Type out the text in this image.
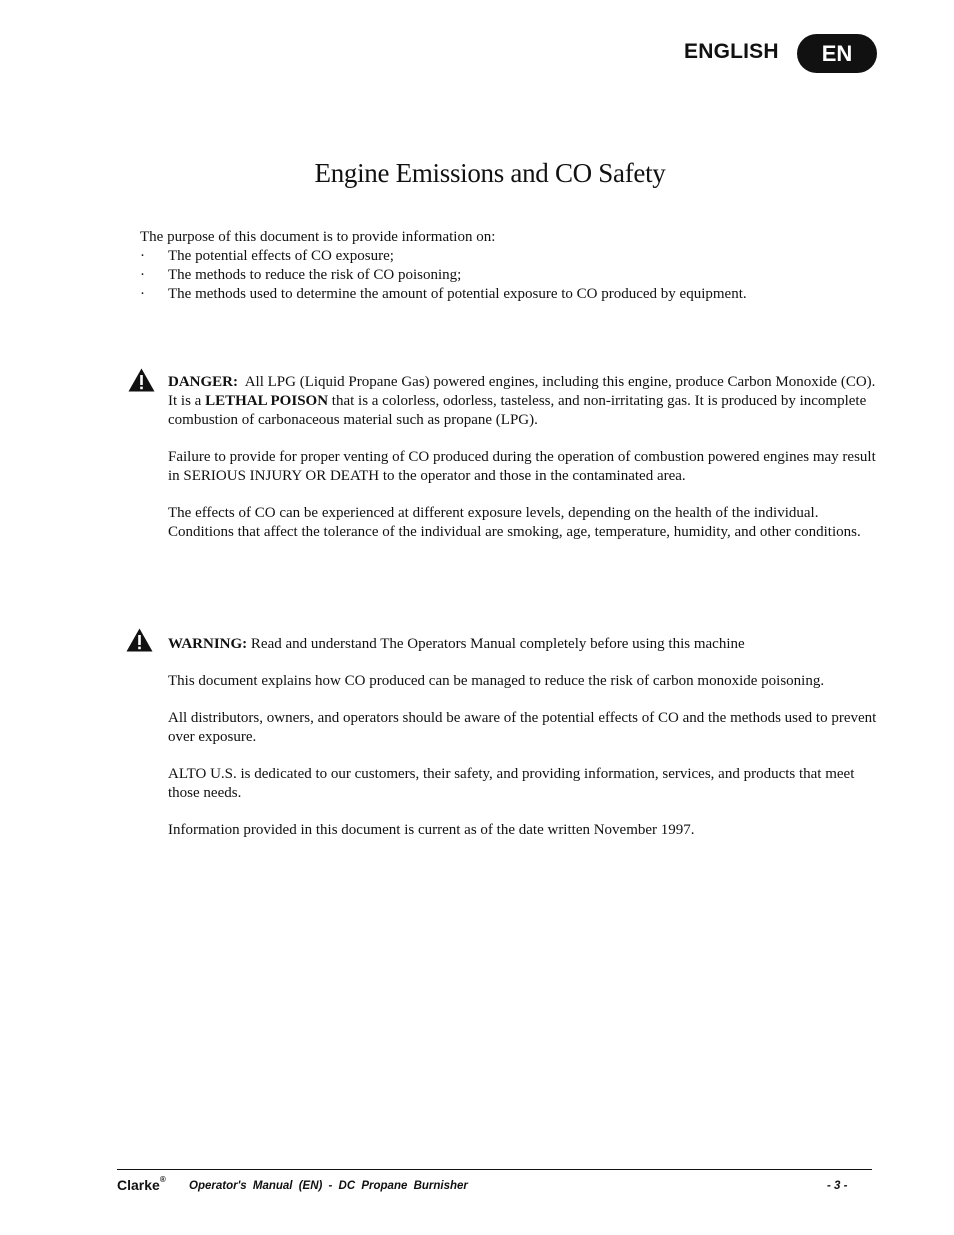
ENGLISH	EN
Engine Emissions and CO Safety
The purpose of this document is to provide information on:
·	The potential effects of CO exposure;
·	The methods to reduce the risk of CO poisoning;
·	The methods used to determine the amount of potential exposure to CO produced by equipment.

DANGER: All LPG (Liquid Propane Gas) powered engines, including this engine, produce Carbon Monoxide (CO). It is a LETHAL POISON that is a colorless, odorless, tasteless, and non-irritating gas. It is produced by incomplete combustion of carbonaceous material such as propane (LPG).

Failure to provide for proper venting of CO produced during the operation of combustion powered engines may result in SERIOUS INJURY OR DEATH to the operator and those in the contaminated area.

The effects of CO can be experienced at different exposure levels, depending on the health of the individual. Conditions that affect the tolerance of the individual are smoking, age, temperature, humidity, and other conditions.

WARNING: Read and understand The Operators Manual completely before using this machine

This document explains how CO produced can be managed to reduce the risk of carbon monoxide poisoning.

All distributors, owners, and operators should be aware of the potential effects of CO and the methods used to prevent over exposure.

ALTO U.S. is dedicated to our customers, their safety, and providing information, services, and products that meet those needs.

Information provided in this document is current as of the date written November 1997.

Clarke®
Operator's Manual (EN) - DC Propane Burnisher	- 3 -
